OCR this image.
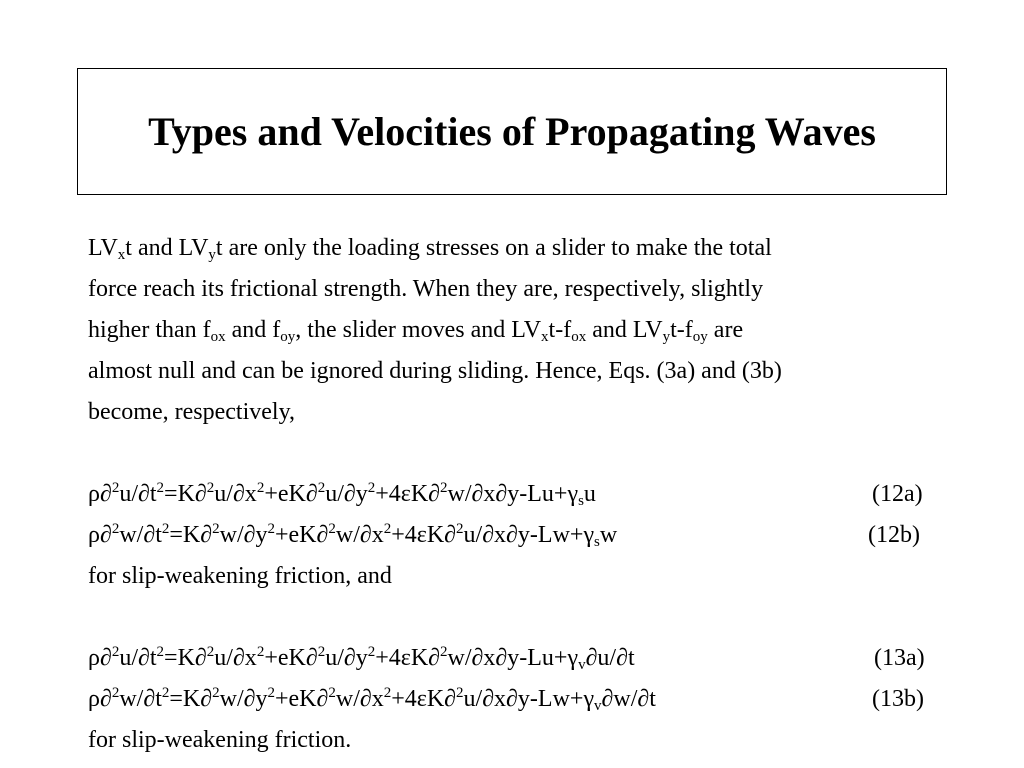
Types and Velocities of Propagating Waves
$LV_xt$ and $LV_yt$ are only the loading stresses on a slider to make the total
force reach its frictional strength. When they are, respectively, slightly
higher than $f_{ox}$ and $f_{oy}$, the slider moves and $LV_xt-f_{ox}$ and $LV_yt-f_{oy}$ are
almost null and can be ignored during sliding. Hence, Eqs. (3a) and (3b)
become, respectively,
$\rho\partial^2u/\partial t^2=K\partial^2u/\partial x^2+eK\partial^2u/\partial y^2+4\varepsilon K\partial^2w/\partial x\partial y-Lu+\gamma_su$	(12a)
$\rho\partial^2w/\partial t^2=K\partial^2w/\partial y^2+eK\partial^2w/\partial x^2+4\varepsilon K\partial^2u/\partial x\partial y-Lw+\gamma_sw$	(12b)
for slip-weakening friction, and
$\rho\partial^2u/\partial t^2=K\partial^2u/\partial x^2+eK\partial^2u/\partial y^2+4\varepsilon K\partial^2w/\partial x\partial y-Lu+\gamma_v\partial u/\partial t$	(13a)
$\rho\partial^2w/\partial t^2=K\partial^2w/\partial y^2+eK\partial^2w/\partial x^2+4\varepsilon K\partial^2u/\partial x\partial y-Lw+\gamma_v\partial w/\partial t$	(13b)
for slip-weakening friction.
